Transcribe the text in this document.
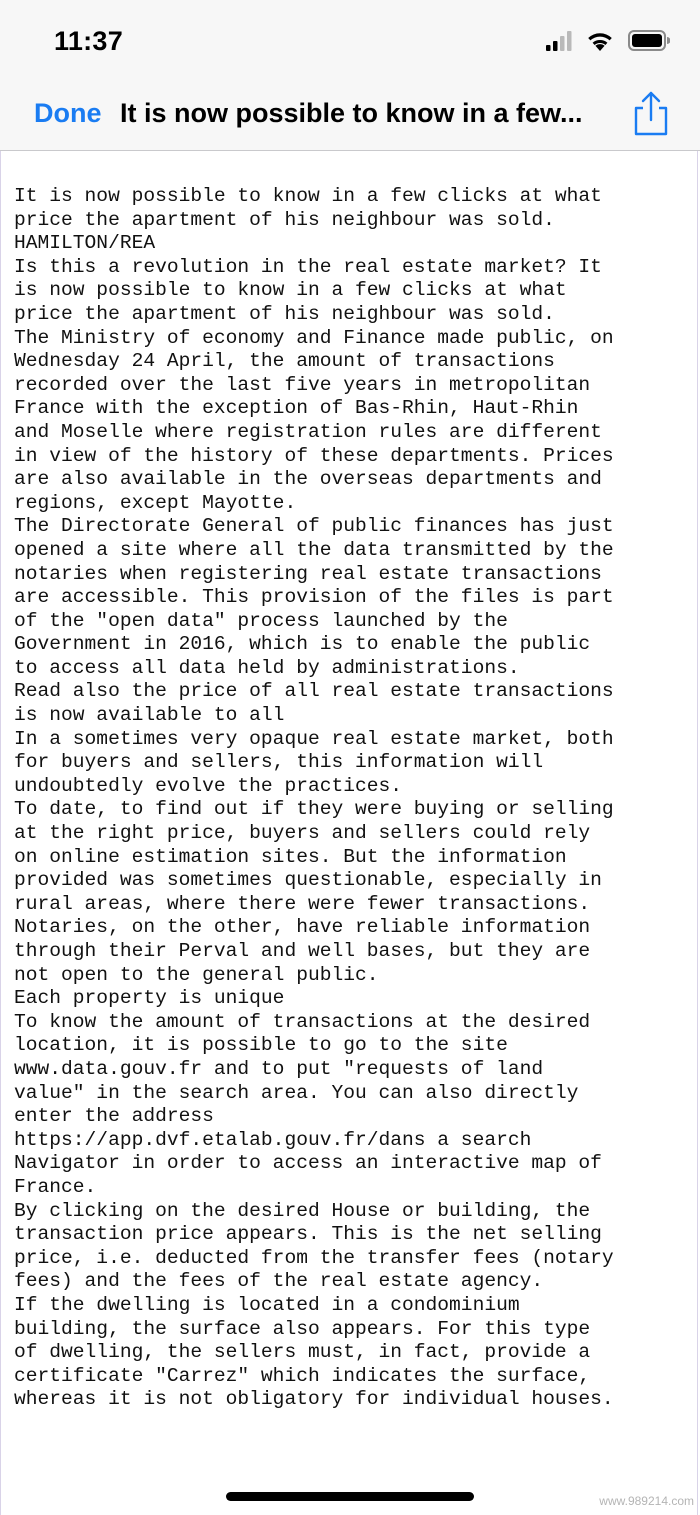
11:37
Done It is now possible to know in a few...
It is now possible to know in a few clicks at what
price the apartment of his neighbour was sold.
HAMILTON/REA
Is this a revolution in the real estate market? It
is now possible to know in a few clicks at what
price the apartment of his neighbour was sold.
The Ministry of economy and Finance made public, on
Wednesday 24 April, the amount of transactions
recorded over the last five years in metropolitan
France with the exception of Bas-Rhin, Haut-Rhin
and Moselle where registration rules are different
in view of the history of these departments. Prices
are also available in the overseas departments and
regions, except Mayotte.
The Directorate General of public finances has just
opened a site where all the data transmitted by the
notaries when registering real estate transactions
are accessible. This provision of the files is part
of the "open data" process launched by the
Government in 2016, which is to enable the public
to access all data held by administrations.
Read also the price of all real estate transactions
is now available to all
In a sometimes very opaque real estate market, both
for buyers and sellers, this information will
undoubtedly evolve the practices.
To date, to find out if they were buying or selling
at the right price, buyers and sellers could rely
on online estimation sites. But the information
provided was sometimes questionable, especially in
rural areas, where there were fewer transactions.
Notaries, on the other, have reliable information
through their Perval and well bases, but they are
not open to the general public.
Each property is unique
To know the amount of transactions at the desired
location, it is possible to go to the site
www.data.gouv.fr and to put "requests of land
value" in the search area. You can also directly
enter the address
https://app.dvf.etalab.gouv.fr/dans a search
Navigator in order to access an interactive map of
France.
By clicking on the desired House or building, the
transaction price appears. This is the net selling
price, i.e. deducted from the transfer fees (notary
fees) and the fees of the real estate agency.
If the dwelling is located in a condominium
building, the surface also appears. For this type
of dwelling, the sellers must, in fact, provide a
certificate "Carrez" which indicates the surface,
whereas it is not obligatory for individual houses.
www.989214.com
